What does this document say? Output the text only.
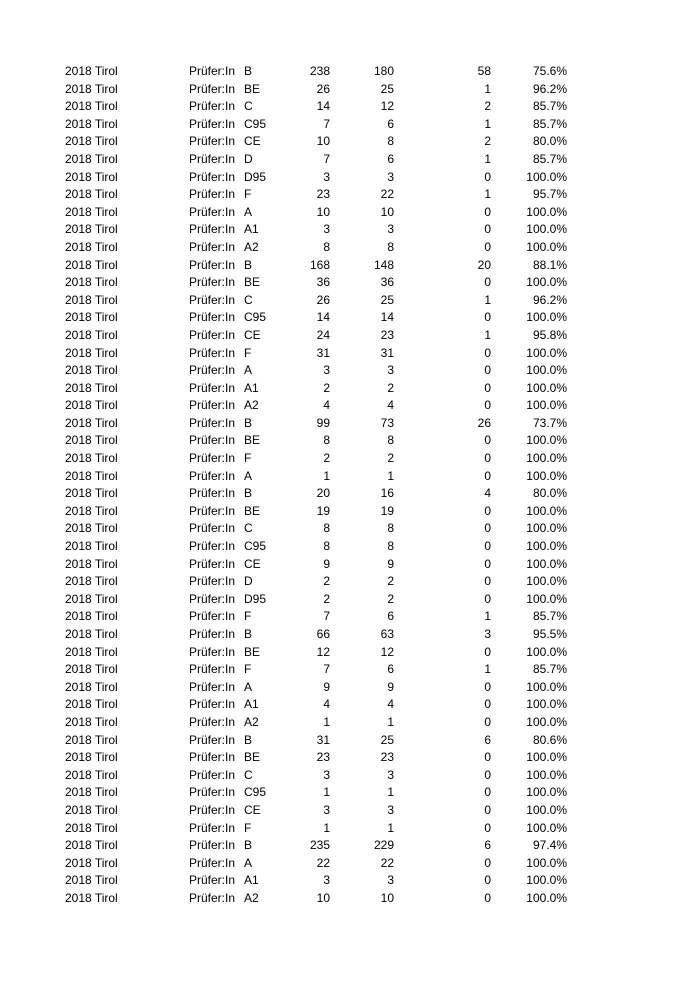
2018 Tirol	Prüfer:In B	238	180	58	75.6%
2018 Tirol	Prüfer:In BE	26	25	1	96.2%
2018 Tirol	Prüfer:In C	14	12	2	85.7%
2018 Tirol	Prüfer:In C95	7	6	1	85.7%
2018 Tirol	Prüfer:In CE	10	8	2	80.0%
2018 Tirol	Prüfer:In D	7	6	1	85.7%
2018 Tirol	Prüfer:In D95	3	3	0	100.0%
2018 Tirol	Prüfer:In F	23	22	1	95.7%
2018 Tirol	Prüfer:In A	10	10	0	100.0%
2018 Tirol	Prüfer:In A1	3	3	0	100.0%
2018 Tirol	Prüfer:In A2	8	8	0	100.0%
2018 Tirol	Prüfer:In B	168	148	20	88.1%
2018 Tirol	Prüfer:In BE	36	36	0	100.0%
2018 Tirol	Prüfer:In C	26	25	1	96.2%
2018 Tirol	Prüfer:In C95	14	14	0	100.0%
2018 Tirol	Prüfer:In CE	24	23	1	95.8%
2018 Tirol	Prüfer:In F	31	31	0	100.0%
2018 Tirol	Prüfer:In A	3	3	0	100.0%
2018 Tirol	Prüfer:In A1	2	2	0	100.0%
2018 Tirol	Prüfer:In A2	4	4	0	100.0%
2018 Tirol	Prüfer:In B	99	73	26	73.7%
2018 Tirol	Prüfer:In BE	8	8	0	100.0%
2018 Tirol	Prüfer:In F	2	2	0	100.0%
2018 Tirol	Prüfer:In A	1	1	0	100.0%
2018 Tirol	Prüfer:In B	20	16	4	80.0%
2018 Tirol	Prüfer:In BE	19	19	0	100.0%
2018 Tirol	Prüfer:In C	8	8	0	100.0%
2018 Tirol	Prüfer:In C95	8	8	0	100.0%
2018 Tirol	Prüfer:In CE	9	9	0	100.0%
2018 Tirol	Prüfer:In D	2	2	0	100.0%
2018 Tirol	Prüfer:In D95	2	2	0	100.0%
2018 Tirol	Prüfer:In F	7	6	1	85.7%
2018 Tirol	Prüfer:In B	66	63	3	95.5%
2018 Tirol	Prüfer:In BE	12	12	0	100.0%
2018 Tirol	Prüfer:In F	7	6	1	85.7%
2018 Tirol	Prüfer:In A	9	9	0	100.0%
2018 Tirol	Prüfer:In A1	4	4	0	100.0%
2018 Tirol	Prüfer:In A2	1	1	0	100.0%
2018 Tirol	Prüfer:In B	31	25	6	80.6%
2018 Tirol	Prüfer:In BE	23	23	0	100.0%
2018 Tirol	Prüfer:In C	3	3	0	100.0%
2018 Tirol	Prüfer:In C95	1	1	0	100.0%
2018 Tirol	Prüfer:In CE	3	3	0	100.0%
2018 Tirol	Prüfer:In F	1	1	0	100.0%
2018 Tirol	Prüfer:In B	235	229	6	97.4%
2018 Tirol	Prüfer:In A	22	22	0	100.0%
2018 Tirol	Prüfer:In A1	3	3	0	100.0%
2018 Tirol	Prüfer:In A2	10	10	0	100.0%
